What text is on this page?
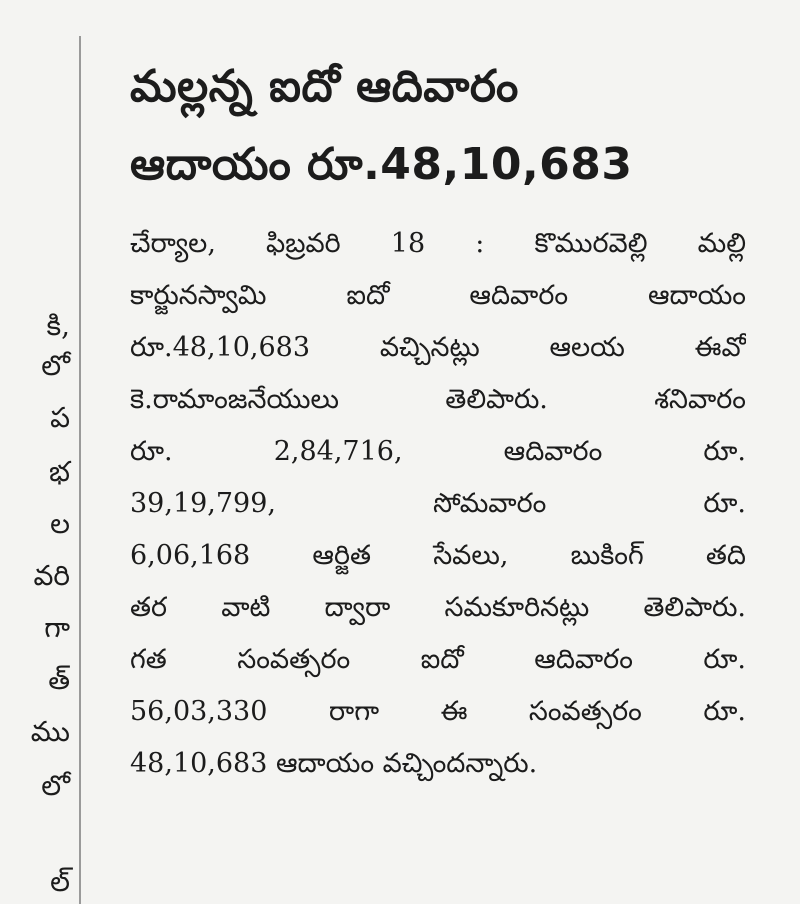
కి,
లో
ప
భ
ల
వరి
గా
త్
ము
లో
ల్
మల్లన్న ఐదో ఆదివారం
ఆదాయం రూ.48,10,683
చేర్యాల, ఫిబ్రవరి 18 : కొమురవెల్లి మల్లి
కార్జునస్వామి ఐదో ఆదివారం ఆదాయం
రూ.48,10,683 వచ్చినట్లు ఆలయ ఈవో
కె.రామాంజనేయులు తెలిపారు. శనివారం
రూ. 2,84,716, ఆదివారం రూ.
39,19,799, సోమవారం రూ.
6,06,168 ఆర్జిత సేవలు, బుకింగ్ తది
తర వాటి ద్వారా సమకూరినట్లు తెలిపారు.
గత సంవత్సరం ఐదో ఆదివారం రూ.
56,03,330 రాగా ఈ సంవత్సరం రూ.
48,10,683 ఆదాయం వచ్చిందన్నారు.
